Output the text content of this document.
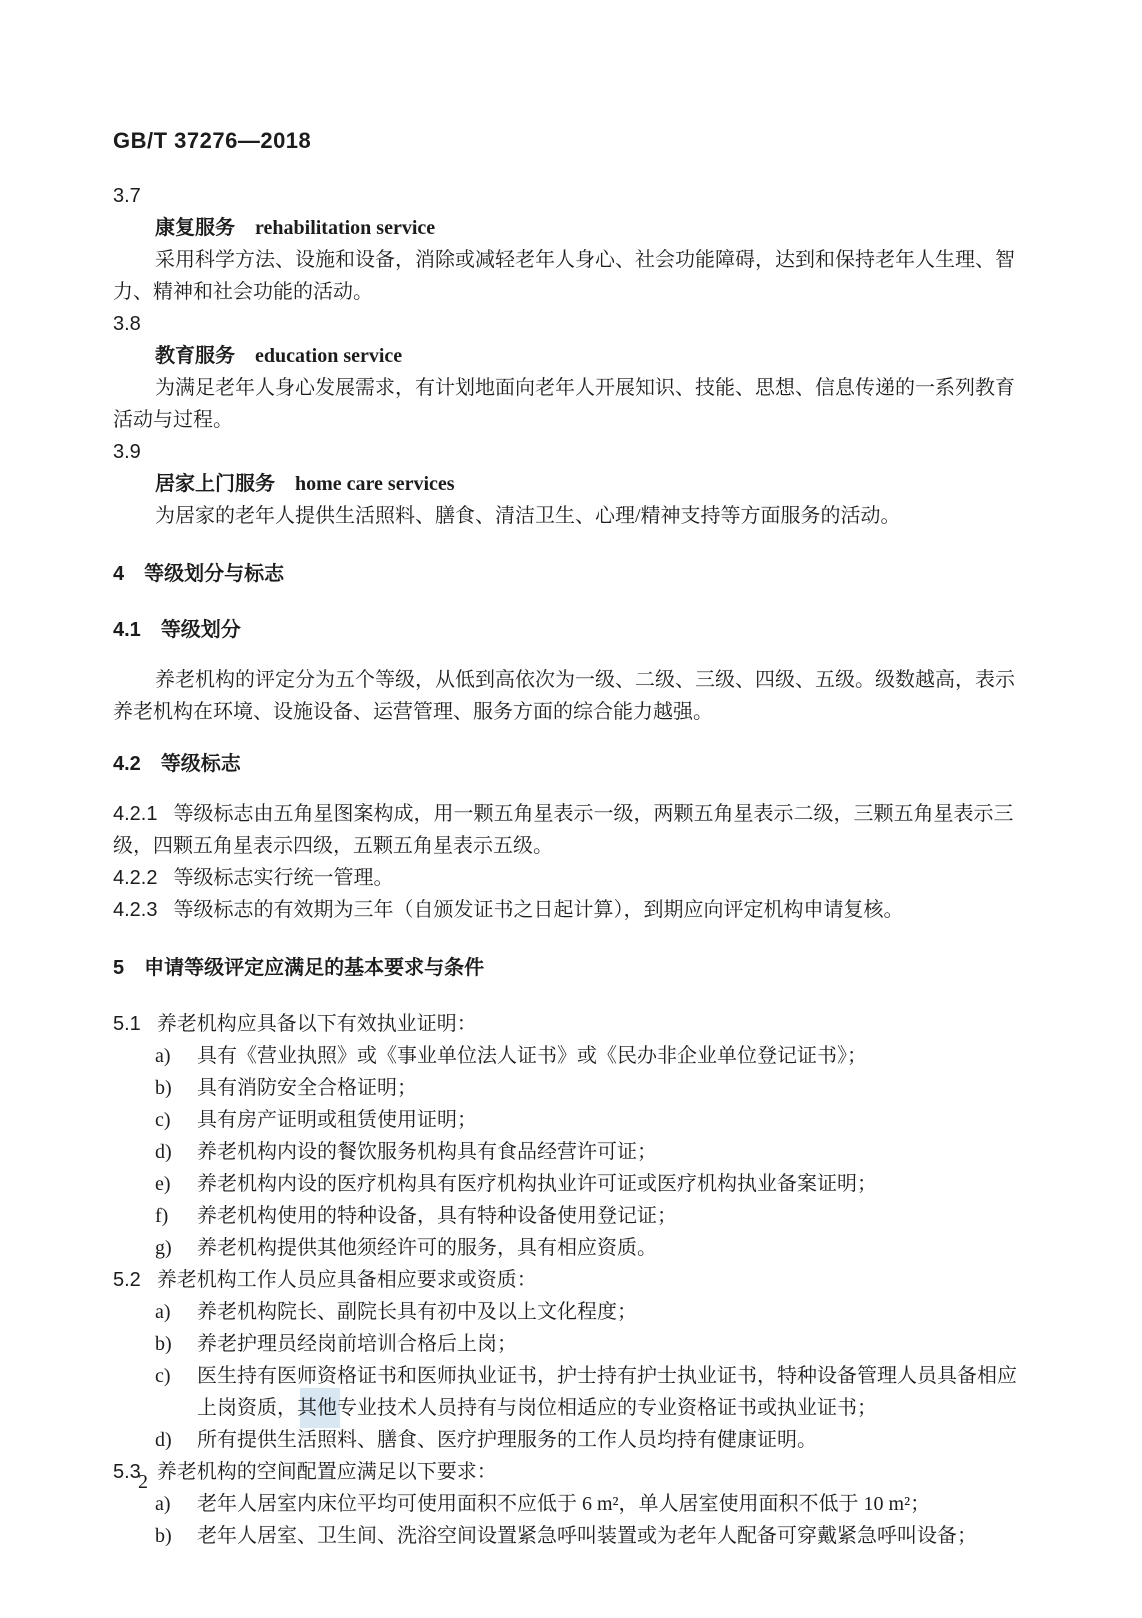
GB/T 37276—2018
3.7
康复服务 rehabilitation service

采用科学方法、设施和设备，消除或减轻老年人身心、社会功能障碍，达到和保持老年人生理、智力、精神和社会功能的活动。

3.8
教育服务 education service

为满足老年人身心发展需求，有计划地面向老年人开展知识、技能、思想、信息传递的一系列教育活动与过程。

3.9
居家上门服务 home care services

为居家的老年人提供生活照料、膳食、清洁卫生、心理/精神支持等方面服务的活动。

4 等级划分与标志
4.1 等级划分

养老机构的评定分为五个等级，从低到高依次为一级、二级、三级、四级、五级。级数越高，表示养老机构在环境、设施设备、运营管理、服务方面的综合能力越强。

4.2 等级标志

4.2.1 等级标志由五角星图案构成，用一颗五角星表示一级，两颗五角星表示二级，三颗五角星表示三级，四颗五角星表示四级，五颗五角星表示五级。

4.2.2 等级标志实行统一管理。

4.2.3 等级标志的有效期为三年（自颁发证书之日起计算），到期应向评定机构申请复核。

5 申请等级评定应满足的基本要求与条件

5.1 养老机构应具备以下有效执业证明：

a) 具有《营业执照》或《事业单位法人证书》或《民办非企业单位登记证书》；
b) 具有消防安全合格证明；
c) 具有房产证明或租赁使用证明；
d) 养老机构内设的餐饮服务机构具有食品经营许可证；
e) 养老机构内设的医疗机构具有医疗机构执业许可证或医疗机构执业备案证明；
f) 养老机构使用的特种设备，具有特种设备使用登记证；
g) 养老机构提供其他须经许可的服务，具有相应资质。

5.2 养老机构工作人员应具备相应要求或资质：

a) 养老机构院长、副院长具有初中及以上文化程度；
b) 养老护理员经岗前培训合格后上岗；
c) 医生持有医师资格证书和医师执业证书，护士持有护士执业证书，特种设备管理人员具备相应上岗资质，其他专业技术人员持有与岗位相适应的专业资格证书或执业证书；
d) 所有提供生活照料、膳食、医疗护理服务的工作人员均持有健康证明。

5.3 养老机构的空间配置应满足以下要求：

a) 老年人居室内床位平均可使用面积不应低于 6 m²，单人居室使用面积不低于 10 m²；
b) 老年人居室、卫生间、洗浴空间设置紧急呼叫装置或为老年人配备可穿戴紧急呼叫设备；
2
